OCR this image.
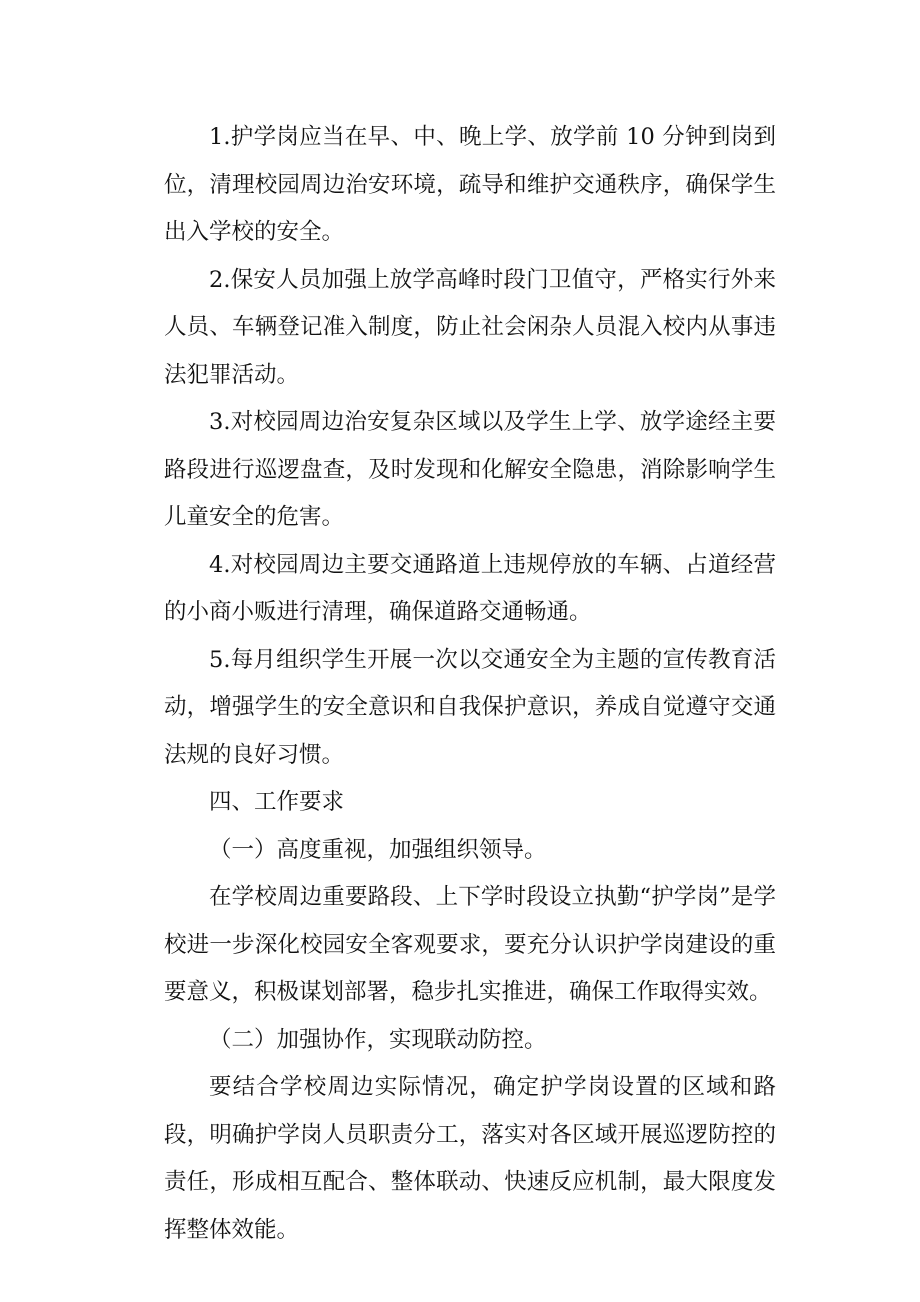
1.护学岗应当在早、中、晚上学、放学前 10 分钟到岗到位，清理校园周边治安环境，疏导和维护交通秩序，确保学生出入学校的安全。

2.保安人员加强上放学高峰时段门卫值守，严格实行外来人员、车辆登记准入制度，防止社会闲杂人员混入校内从事违法犯罪活动。

3.对校园周边治安复杂区域以及学生上学、放学途经主要路段进行巡逻盘查，及时发现和化解安全隐患，消除影响学生儿童安全的危害。

4.对校园周边主要交通路道上违规停放的车辆、占道经营的小商小贩进行清理，确保道路交通畅通。

5.每月组织学生开展一次以交通安全为主题的宣传教育活动，增强学生的安全意识和自我保护意识，养成自觉遵守交通法规的良好习惯。

四、工作要求

（一）高度重视，加强组织领导。

在学校周边重要路段、上下学时段设立执勤“护学岗”是学校进一步深化校园安全客观要求，要充分认识护学岗建设的重要意义，积极谋划部署，稳步扎实推进，确保工作取得实效。

（二）加强协作，实现联动防控。

要结合学校周边实际情况，确定护学岗设置的区域和路段，明确护学岗人员职责分工，落实对各区域开展巡逻防控的责任，形成相互配合、整体联动、快速反应机制，最大限度发挥整体效能。
